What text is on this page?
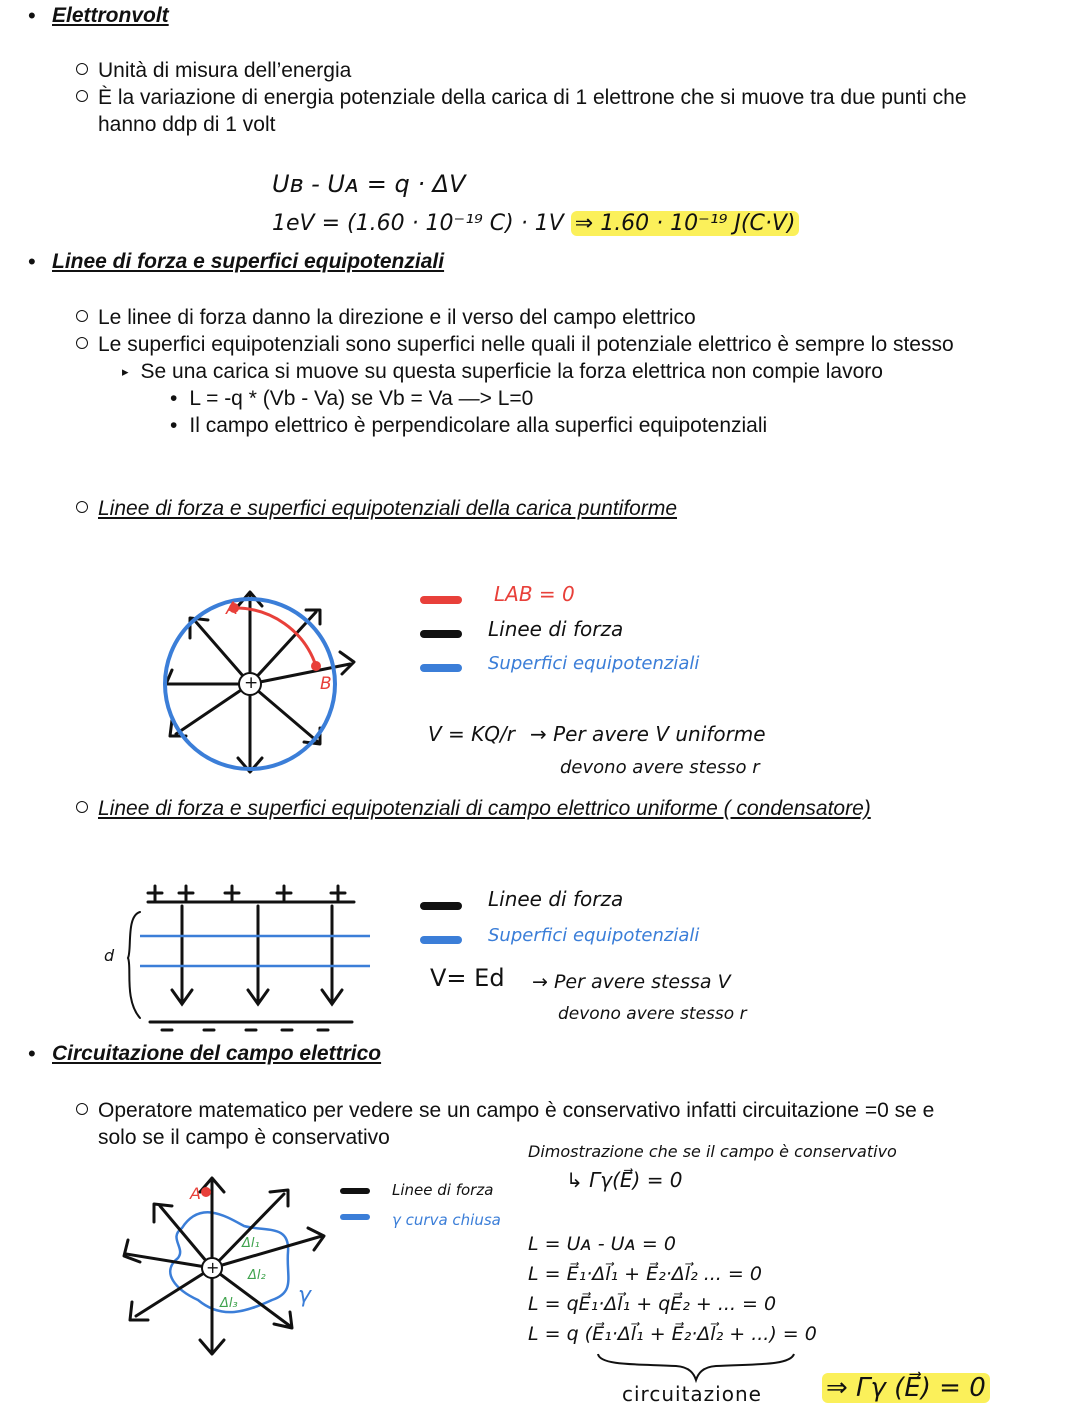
• Elettronvolt
Unità di misura dell’energia
È la variazione di energia potenziale della carica di 1 elettrone che si muove tra due punti che
hanno ddp di 1 volt
Uʙ - Uᴀ = q · ΔV
1eV = (1.60 · 10⁻¹⁹ C) · 1V ⇒ 1.60 · 10⁻¹⁹ J(C·V)
• Linee di forza e superfici equipotenziali
Le linee di forza danno la direzione e il verso del campo elettrico
Le superfici equipotenziali sono superfici nelle quali il potenziale elettrico è sempre lo stesso
▸ Se una carica si muove su questa superficie la forza elettrica non compie lavoro
• L = -q * (Vb - Va) se Vb = Va —> L=0
• Il campo elettrico è perpendicolare alla superfici equipotenziali
Linee di forza e superfici equipotenziali della carica puntiforme
+
A
B
LAB = 0
Linee di forza
Superfici equipotenziali
V = KQ/r → Per avere V uniforme
devono avere stesso r
Linee di forza e superfici equipotenziali di campo elettrico uniforme ( condensatore)
d
Linee di forza
Superfici equipotenziali
V= Ed → Per avere stessa V
devono avere stesso r
• Circuitazione del campo elettrico
Operatore matematico per vedere se un campo è conservativo infatti circuitazione =0 se e
solo se il campo è conservativo
+
A
Δl₁
Δl₂
Δl₃	γ
Linee di forza
γ curva chiusa
Dimostrazione che se il campo è conservativo
↳ Γγ(E⃗) = 0
L = Uᴀ - Uᴀ = 0
L = E⃗₁·Δl⃗₁ + E⃗₂·Δl⃗₂ ... = 0
L = qE⃗₁·Δl⃗₁ + qE⃗₂ + ... = 0
L = q (E⃗₁·Δl⃗₁ + E⃗₂·Δl⃗₂ + ...) = 0
circuitazione ⇒ Γγ (E⃗) = 0
